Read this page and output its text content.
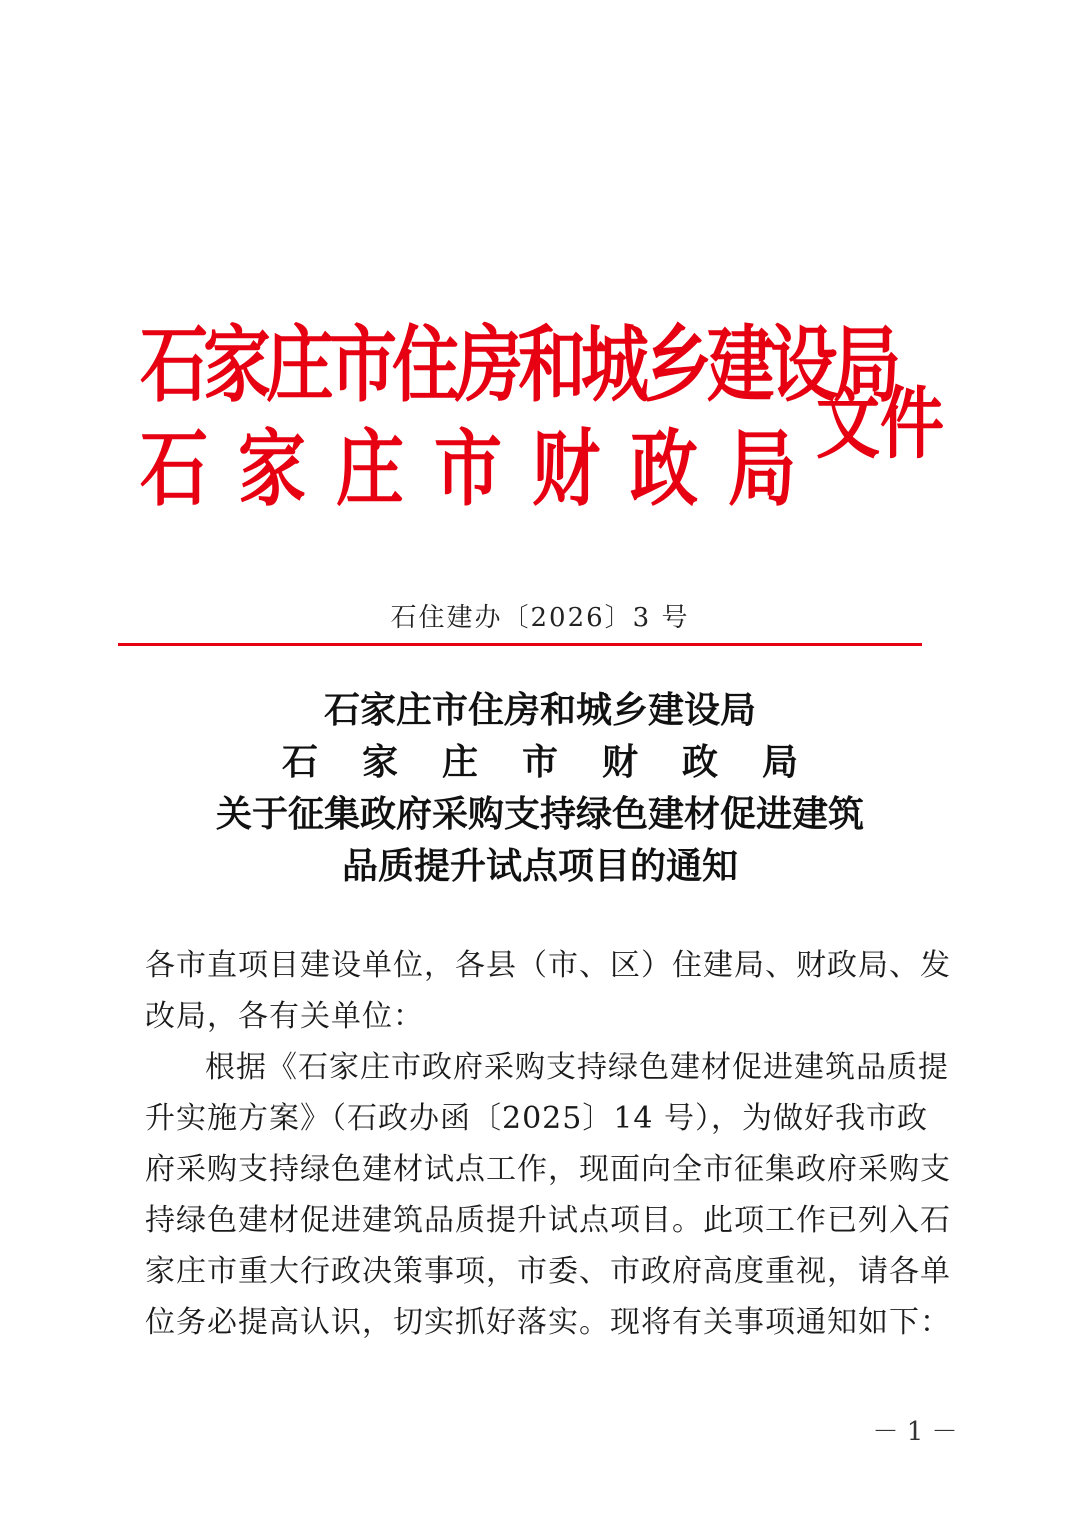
石家庄市住房和城乡建设局
石 家 庄 市 财 政 局 文件
石住建办〔2026〕3 号
石家庄市住房和城乡建设局
石 家 庄 市 财 政 局
关于征集政府采购支持绿色建材促进建筑
品质提升试点项目的通知

各市直项目建设单位，各县（市、区）住建局、财政局、发改局，各有关单位：

根据《石家庄市政府采购支持绿色建材促进建筑品质提升实施方案》（石政办函〔2025〕14 号），为做好我市政府采购支持绿色建材试点工作，现面向全市征集政府采购支持绿色建材促进建筑品质提升试点项目。此项工作已列入石家庄市重大行政决策事项，市委、市政府高度重视，请各单位务必提高认识，切实抓好落实。现将有关事项通知如下：

－ 1 －
